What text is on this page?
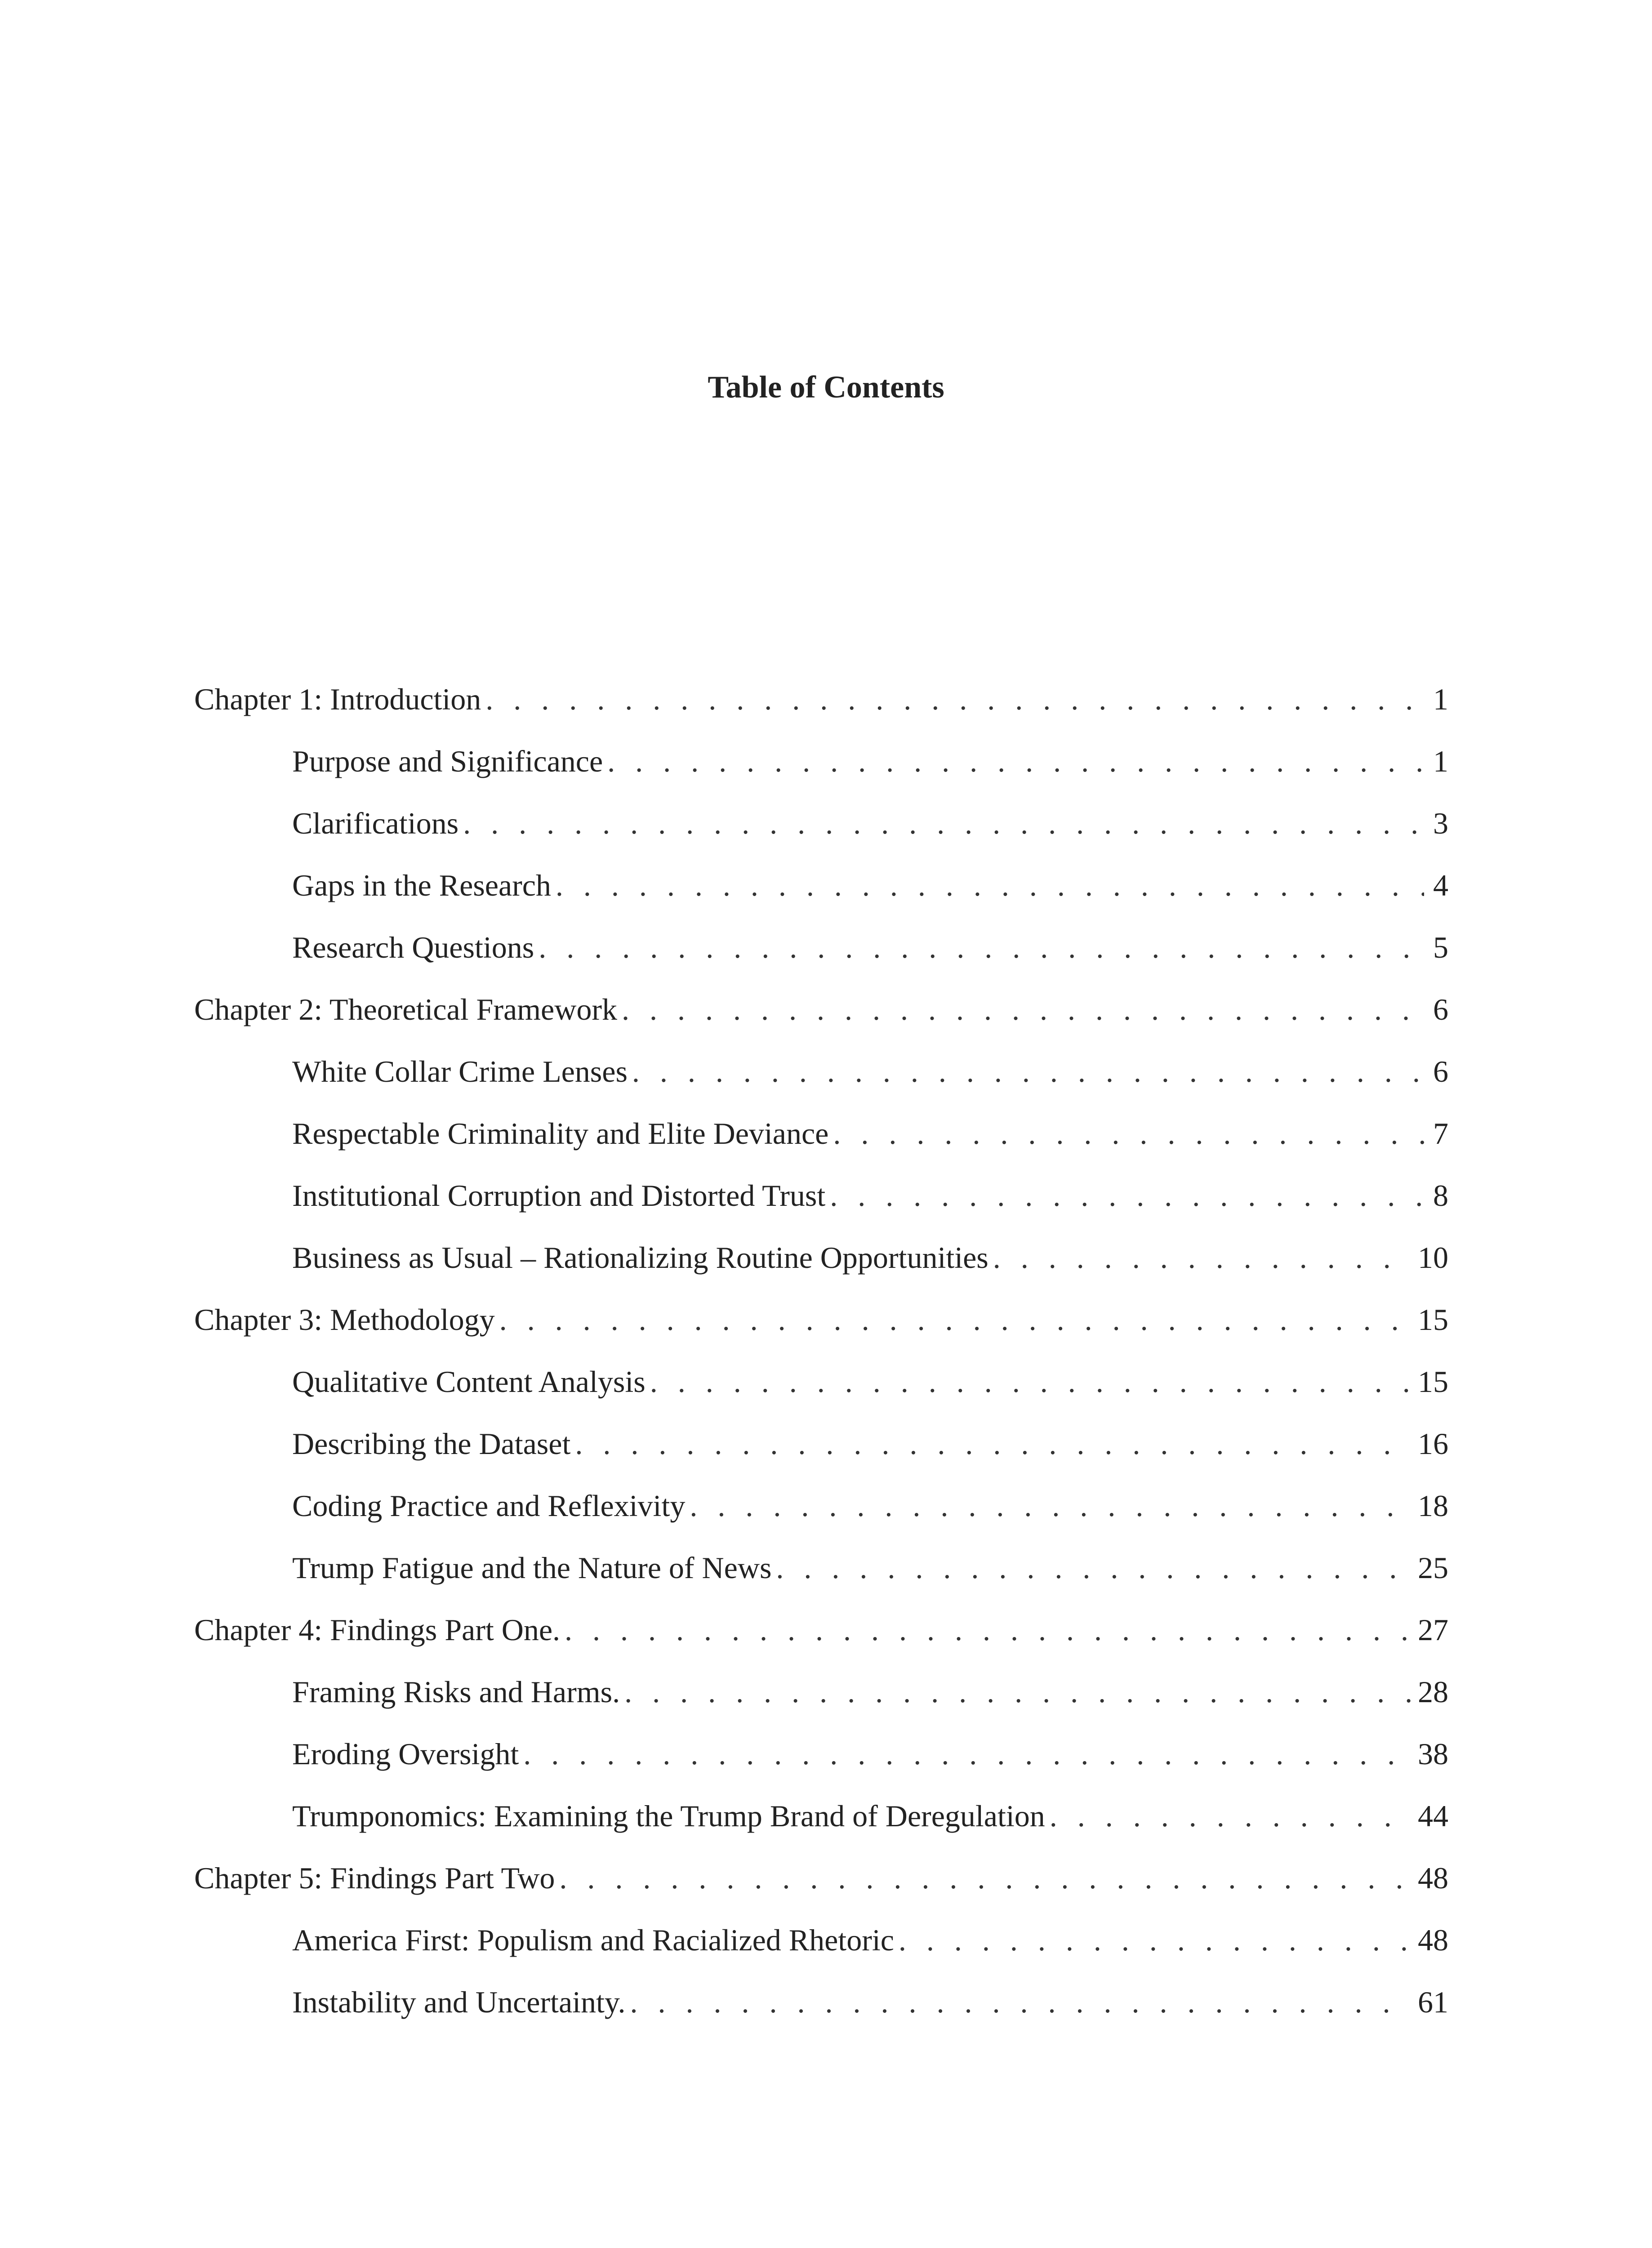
Table of Contents
Chapter 1: Introduction . . .	1
Purpose and Significance . . .	1
Clarifications . . .	3
Gaps in the Research . . .	4
Research Questions . . .	5
Chapter 2: Theoretical Framework . . .	6
White Collar Crime Lenses . . .	6
Respectable Criminality and Elite Deviance . . .	7
Institutional Corruption and Distorted Trust . . .	8
Business as Usual – Rationalizing Routine Opportunities . . .	10
Chapter 3: Methodology . . .	15
Qualitative Content Analysis . . .	15
Describing the Dataset . . .	16
Coding Practice and Reflexivity . . .	18
Trump Fatigue and the Nature of News . . .	25
Chapter 4: Findings Part One. . . .	27
Framing Risks and Harms. . . .	28
Eroding Oversight . . .	38
Trumponomics: Examining the Trump Brand of Deregulation . . .	44
Chapter 5: Findings Part Two . . .	48
America First: Populism and Racialized Rhetoric . . .	48
Instability and Uncertainty. . . .	61
